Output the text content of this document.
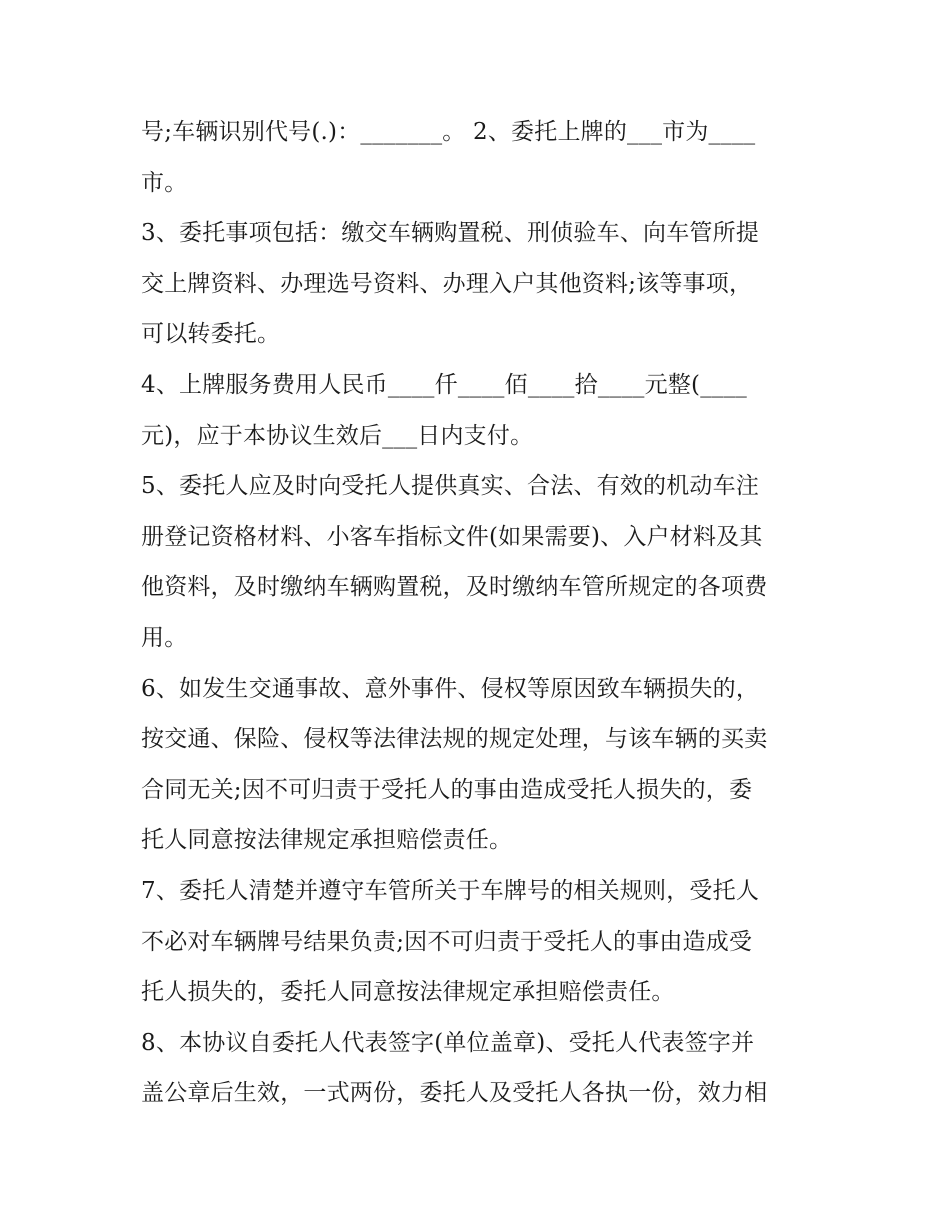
号;车辆识别代号(.)：_______。 2、委托上牌的___市为____
市。
3、委托事项包括：缴交车辆购置税、刑侦验车、向车管所提
交上牌资料、办理选号资料、办理入户其他资料;该等事项，
可以转委托。
4、上牌服务费用人民币____仟____佰____拾____元整(____
元)，应于本协议生效后___日内支付。
5、委托人应及时向受托人提供真实、合法、有效的机动车注
册登记资格材料、小客车指标文件(如果需要)、入户材料及其
他资料，及时缴纳车辆购置税，及时缴纳车管所规定的各项费
用。
6、如发生交通事故、意外事件、侵权等原因致车辆损失的，
按交通、保险、侵权等法律法规的规定处理，与该车辆的买卖
合同无关;因不可归责于受托人的事由造成受托人损失的，委
托人同意按法律规定承担赔偿责任。
7、委托人清楚并遵守车管所关于车牌号的相关规则，受托人
不必对车辆牌号结果负责;因不可归责于受托人的事由造成受
托人损失的，委托人同意按法律规定承担赔偿责任。
8、本协议自委托人代表签字(单位盖章)、受托人代表签字并
盖公章后生效，一式两份，委托人及受托人各执一份，效力相
